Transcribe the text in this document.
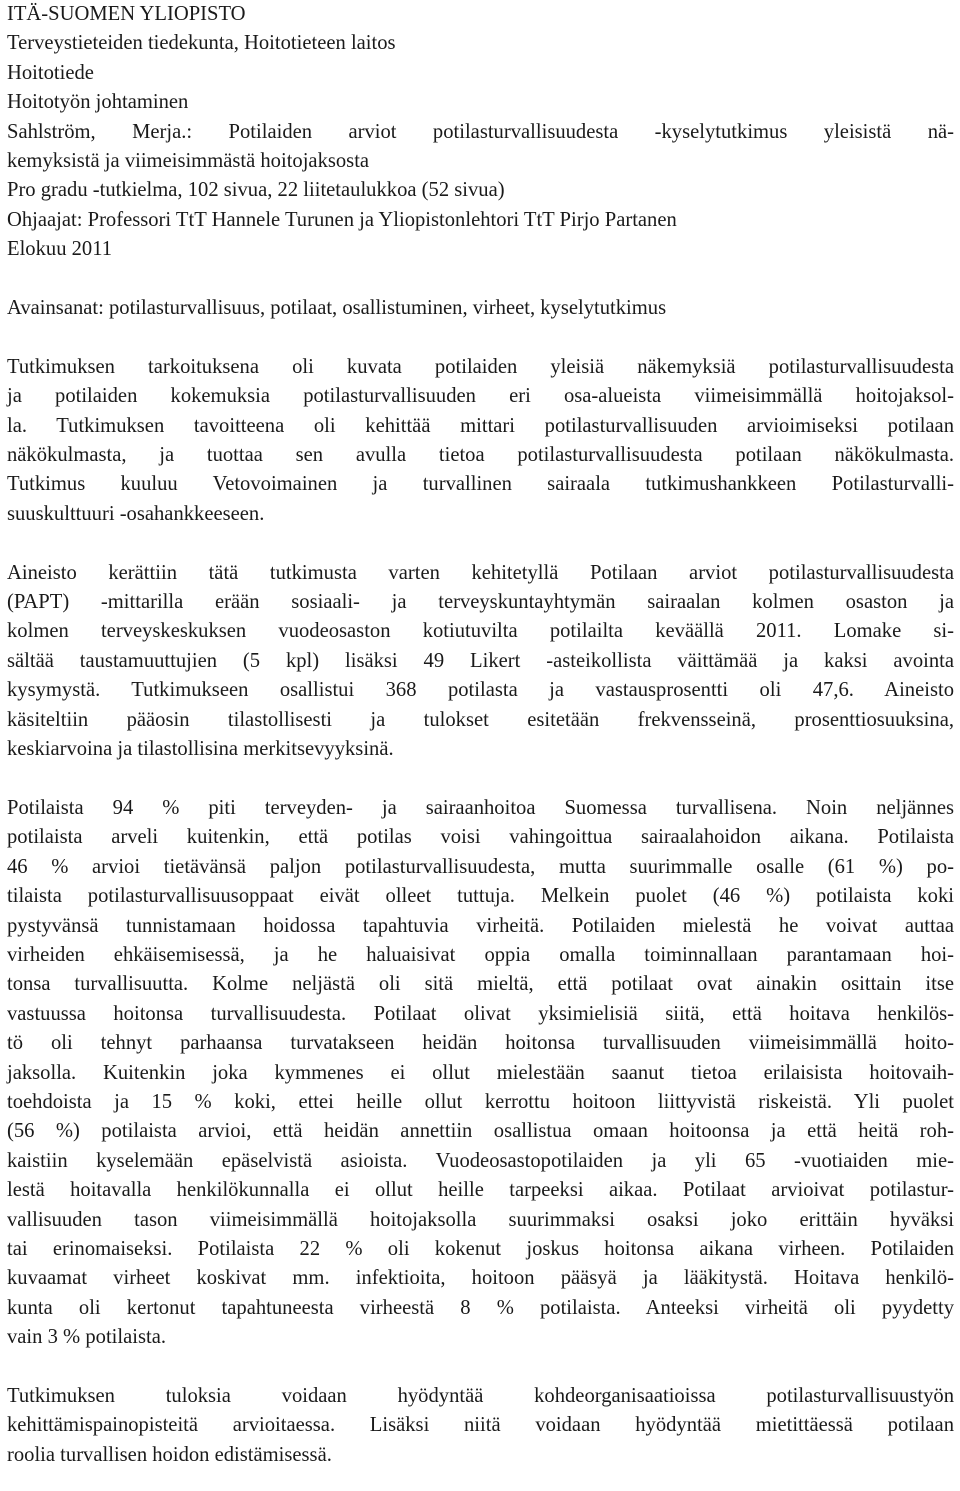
ITÄ-SUOMEN YLIOPISTO
Terveystieteiden tiedekunta, Hoitotieteen laitos
Hoitotiede
Hoitotyön johtaminen
Sahlström, Merja.: Potilaiden arviot potilasturvallisuudesta -kyselytutkimus yleisistä nä-
kemyksistä ja viimeisimmästä hoitojaksosta
Pro gradu -tutkielma, 102 sivua, 22 liitetaulukkoa (52 sivua)
Ohjaajat: Professori TtT Hannele Turunen ja Yliopistonlehtori TtT Pirjo Partanen
Elokuu 2011
Avainsanat: potilasturvallisuus, potilaat, osallistuminen, virheet, kyselytutkimus
Tutkimuksen tarkoituksena oli kuvata potilaiden yleisiä näkemyksiä potilasturvallisuudesta
ja potilaiden kokemuksia potilasturvallisuuden eri osa-alueista viimeisimmällä hoitojaksol-
la. Tutkimuksen tavoitteena oli kehittää mittari potilasturvallisuuden arvioimiseksi potilaan
näkökulmasta, ja tuottaa sen avulla tietoa potilasturvallisuudesta potilaan näkökulmasta.
Tutkimus kuuluu Vetovoimainen ja turvallinen sairaala tutkimushankkeen Potilasturvalli-
suuskulttuuri -osahankkeeseen.
Aineisto kerättiin tätä tutkimusta varten kehitetyllä Potilaan arviot potilasturvallisuudesta
(PAPT) -mittarilla erään sosiaali- ja terveyskuntayhtymän sairaalan kolmen osaston ja
kolmen terveyskeskuksen vuodeosaston kotiutuvilta potilailta keväällä 2011. Lomake si-
sältää taustamuuttujien (5 kpl) lisäksi 49 Likert -asteikollista väittämää ja kaksi avointa
kysymystä. Tutkimukseen osallistui 368 potilasta ja vastausprosentti oli 47,6. Aineisto
käsiteltiin pääosin tilastollisesti ja tulokset esitetään frekvensseinä, prosenttiosuuksina,
keskiarvoina ja tilastollisina merkitsevyyksinä.
Potilaista 94 % piti terveyden- ja sairaanhoitoa Suomessa turvallisena. Noin neljännes
potilaista arveli kuitenkin, että potilas voisi vahingoittua sairaalahoidon aikana. Potilaista
46 % arvioi tietävänsä paljon potilasturvallisuudesta, mutta suurimmalle osalle (61 %) po-
tilaista potilasturvallisuusoppaat eivät olleet tuttuja. Melkein puolet (46 %) potilaista koki
pystyvänsä tunnistamaan hoidossa tapahtuvia virheitä. Potilaiden mielestä he voivat auttaa
virheiden ehkäisemisessä, ja he haluaisivat oppia omalla toiminnallaan parantamaan hoi-
tonsa turvallisuutta. Kolme neljästä oli sitä mieltä, että potilaat ovat ainakin osittain itse
vastuussa hoitonsa turvallisuudesta. Potilaat olivat yksimielisiä siitä, että hoitava henkilös-
tö oli tehnyt parhaansa turvatakseen heidän hoitonsa turvallisuuden viimeisimmällä hoito-
jaksolla. Kuitenkin joka kymmenes ei ollut mielestään saanut tietoa erilaisista hoitovaih-
toehdoista ja 15 % koki, ettei heille ollut kerrottu hoitoon liittyvistä riskeistä. Yli puolet
(56 %) potilaista arvioi, että heidän annettiin osallistua omaan hoitoonsa ja että heitä roh-
kaistiin kyselemään epäselvistä asioista. Vuodeosastopotilaiden ja yli 65 -vuotiaiden mie-
lestä hoitavalla henkilökunnalla ei ollut heille tarpeeksi aikaa. Potilaat arvioivat potilastur-
vallisuuden tason viimeisimmällä hoitojaksolla suurimmaksi osaksi joko erittäin hyväksi
tai erinomaiseksi. Potilaista 22 % oli kokenut joskus hoitonsa aikana virheen. Potilaiden
kuvaamat virheet koskivat mm. infektioita, hoitoon pääsyä ja lääkitystä. Hoitava henkilö-
kunta oli kertonut tapahtuneesta virheestä 8 % potilaista. Anteeksi virheitä oli pyydetty
vain 3 % potilaista.
Tutkimuksen tuloksia voidaan hyödyntää kohdeorganisaatioissa potilasturvallisuustyön
kehittämispainopisteitä arvioitaessa. Lisäksi niitä voidaan hyödyntää mietittäessä potilaan
roolia turvallisen hoidon edistämisessä.
